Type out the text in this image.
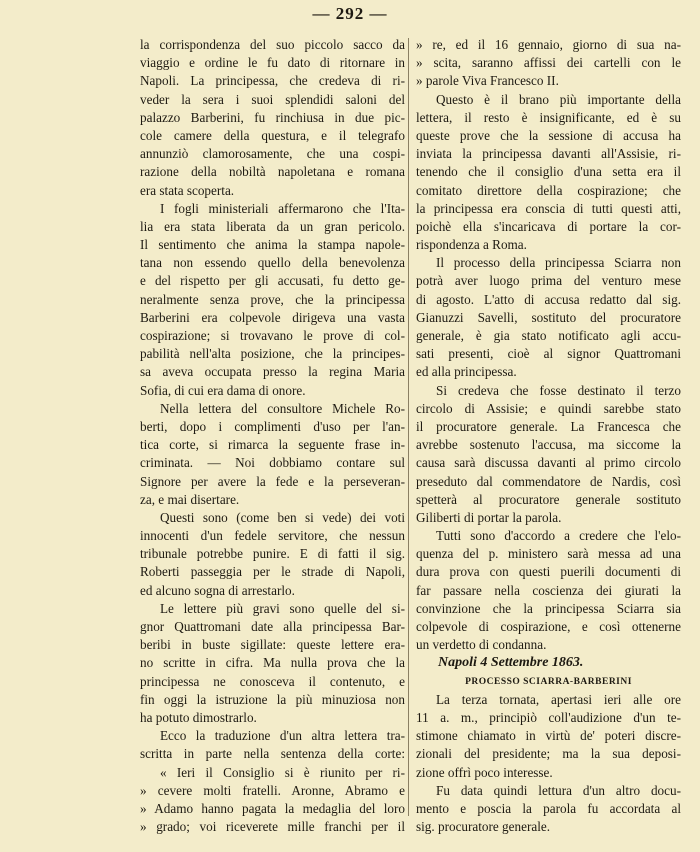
— 292 —
la corrispondenza del suo piccolo sacco da
viaggio e ordine le fu dato di ritornare in
Napoli. La principessa, che credeva di ri-
veder la sera i suoi splendidi saloni del
palazzo Barberini, fu rinchiusa in due pic-
cole camere della questura, e il telegrafo
annunziò clamorosamente, che una cospi-
razione della nobiltà napoletana e romana
era stata scoperta.
I fogli ministeriali affermarono che l'Ita-
lia era stata liberata da un gran pericolo.
Il sentimento che anima la stampa napole-
tana non essendo quello della benevolenza
e del rispetto per gli accusati, fu detto ge-
neralmente senza prove, che la principessa
Barberini era colpevole dirigeva una vasta
cospirazione; si trovavano le prove di col-
pabilità nell'alta posizione, che la principes-
sa aveva occupata presso la regina Maria
Sofia, di cui era dama di onore.
Nella lettera del consultore Michele Ro-
berti, dopo i complimenti d'uso per l'an-
tica corte, si rimarca la seguente frase in-
criminata. — Noi dobbiamo contare sul
Signore per avere la fede e la perseveran-
za, e mai disertare.
Questi sono (come ben si vede) dei voti
innocenti d'un fedele servitore, che nessun
tribunale potrebbe punire. E di fatti il sig.
Roberti passeggia per le strade di Napoli,
ed alcuno sogna di arrestarlo.
Le lettere più gravi sono quelle del si-
gnor Quattromani date alla principessa Bar-
beribi in buste sigillate: queste lettere era-
no scritte in cifra. Ma nulla prova che la
principessa ne conosceva il contenuto, e
fin oggi la istruzione la più minuziosa non
ha potuto dimostrarlo.
Ecco la traduzione d'un altra lettera tra-
scritta in parte nella sentenza della corte:
« Ieri il Consiglio si è riunito per ri-
» cevere molti fratelli. Aronne, Abramo e
» Adamo hanno pagata la medaglia del loro
» grado; voi riceverete mille franchi per il
» re, ed il 16 gennaio, giorno di sua na-
» scita, saranno affissi dei cartelli con le
» parole Viva Francesco II.
Questo è il brano più importante della
lettera, il resto è insignificante, ed è su
queste prove che la sessione di accusa ha
inviata la principessa davanti all'Assisie, ri-
tenendo che il consiglio d'una setta era il
comitato direttore della cospirazione; che
la principessa era conscia di tutti questi atti,
poichè ella s'incaricava di portare la cor-
rispondenza a Roma.
Il processo della principessa Sciarra non
potrà aver luogo prima del venturo mese
di agosto. L'atto di accusa redatto dal sig.
Gianuzzi Savelli, sostituto del procuratore
generale, è gia stato notificato agli accu-
sati presenti, cioè al signor Quattromani
ed alla principessa.
Si credeva che fosse destinato il terzo
circolo di Assisie; e quindi sarebbe stato
il procuratore generale. La Francesca che
avrebbe sostenuto l'accusa, ma siccome la
causa sarà discussa davanti al primo circolo
preseduto dal commendatore de Nardis, così
spetterà al procuratore generale sostituto
Giliberti di portar la parola.
Tutti sono d'accordo a credere che l'elo-
quenza del p. ministero sarà messa ad una
dura prova con questi puerili documenti di
far passare nella coscienza dei giurati la
convinzione che la principessa Sciarra sia
colpevole di cospirazione, e così ottenerne
un verdetto di condanna.
Napoli 4 Settembre 1863.
PROCESSO SCIARRA-BARBERINI
La terza tornata, apertasi ieri alle ore
11 a. m., principiò coll'audizione d'un te-
stimone chiamato in virtù de' poteri discre-
zionali del presidente; ma la sua deposi-
zione offrì poco interesse.
Fu data quindi lettura d'un altro docu-
mento e poscia la parola fu accordata al
sig. procuratore generale.
